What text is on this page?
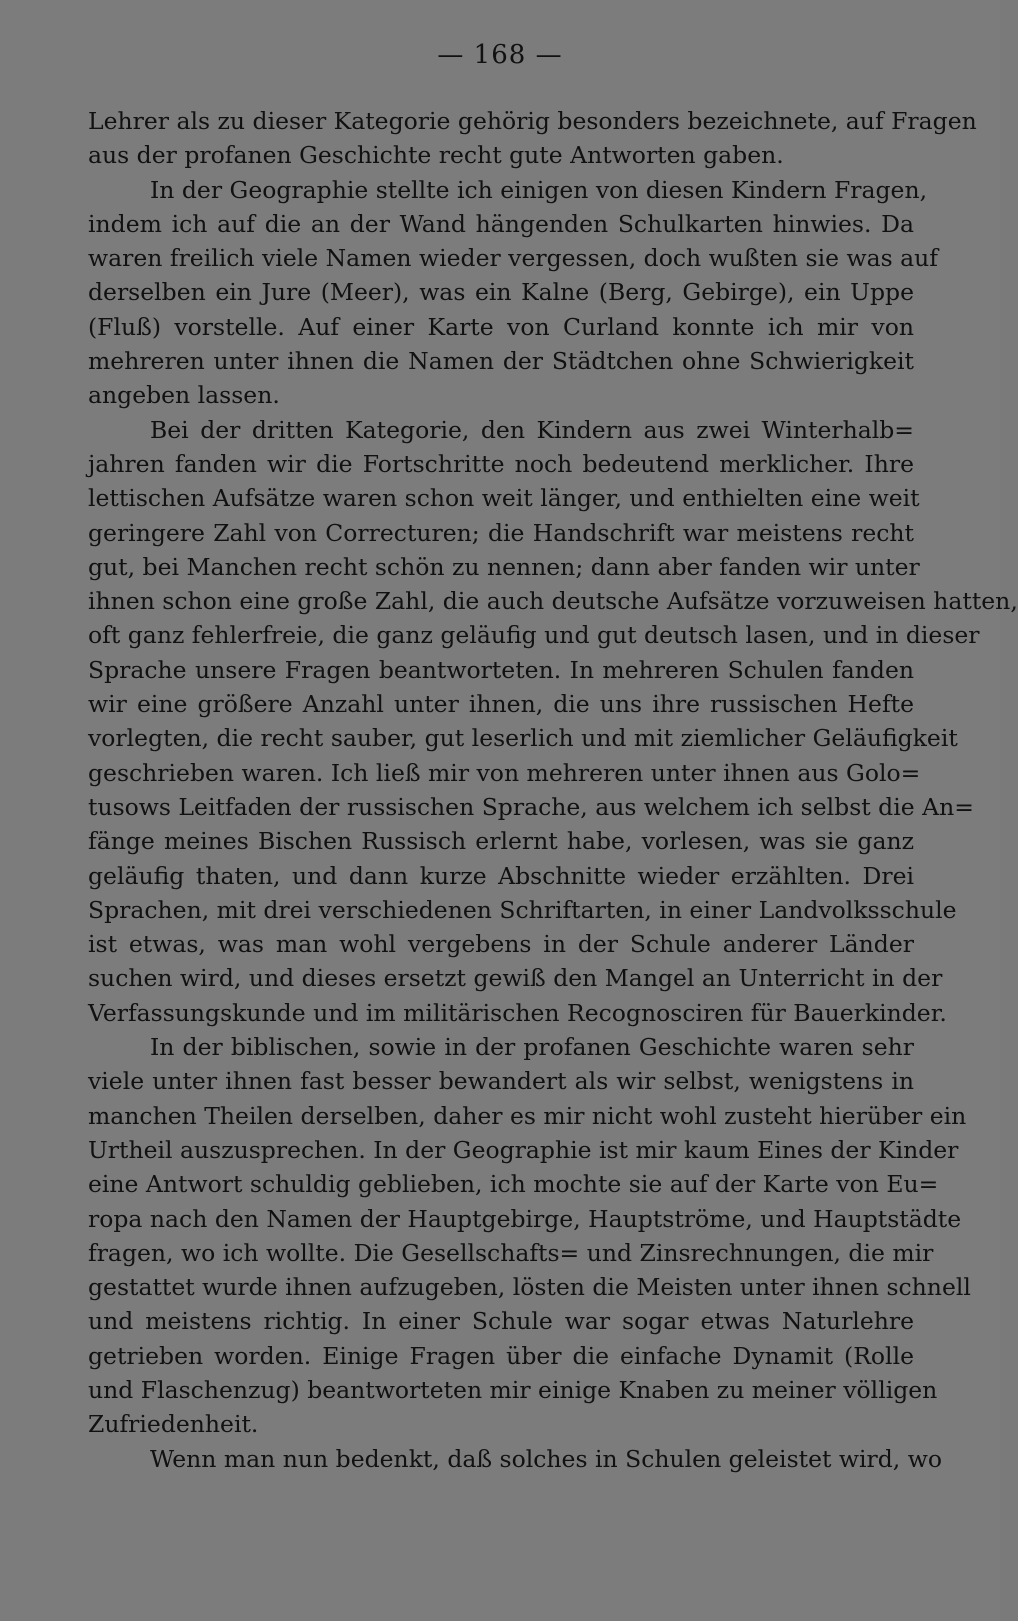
— 168 —
Lehrer als zu dieser Kategorie gehörig besonders bezeichnete, auf Fragen
aus der profanen Geschichte recht gute Antworten gaben.
In der Geographie stellte ich einigen von diesen Kindern Fragen,
indem ich auf die an der Wand hängenden Schulkarten hinwies. Da
waren freilich viele Namen wieder vergessen, doch wußten sie was auf
derselben ein Jure (Meer), was ein Kalne (Berg, Gebirge), ein Uppe
(Fluß) vorstelle. Auf einer Karte von Curland konnte ich mir von
mehreren unter ihnen die Namen der Städtchen ohne Schwierigkeit
angeben lassen.
Bei der dritten Kategorie, den Kindern aus zwei Winterhalb=
jahren fanden wir die Fortschritte noch bedeutend merklicher. Ihre
lettischen Aufsätze waren schon weit länger, und enthielten eine weit
geringere Zahl von Correcturen; die Handschrift war meistens recht
gut, bei Manchen recht schön zu nennen; dann aber fanden wir unter
ihnen schon eine große Zahl, die auch deutsche Aufsätze vorzuweisen hatten,
oft ganz fehlerfreie, die ganz geläufig und gut deutsch lasen, und in dieser
Sprache unsere Fragen beantworteten. In mehreren Schulen fanden
wir eine größere Anzahl unter ihnen, die uns ihre russischen Hefte
vorlegten, die recht sauber, gut leserlich und mit ziemlicher Geläufigkeit
geschrieben waren. Ich ließ mir von mehreren unter ihnen aus Golo=
tusows Leitfaden der russischen Sprache, aus welchem ich selbst die An=
fänge meines Bischen Russisch erlernt habe, vorlesen, was sie ganz
geläufig thaten, und dann kurze Abschnitte wieder erzählten. Drei
Sprachen, mit drei verschiedenen Schriftarten, in einer Landvolksschule
ist etwas, was man wohl vergebens in der Schule anderer Länder
suchen wird, und dieses ersetzt gewiß den Mangel an Unterricht in der
Verfassungskunde und im militärischen Recognosciren für Bauerkinder.
In der biblischen, sowie in der profanen Geschichte waren sehr
viele unter ihnen fast besser bewandert als wir selbst, wenigstens in
manchen Theilen derselben, daher es mir nicht wohl zusteht hierüber ein
Urtheil auszusprechen. In der Geographie ist mir kaum Eines der Kinder
eine Antwort schuldig geblieben, ich mochte sie auf der Karte von Eu=
ropa nach den Namen der Hauptgebirge, Hauptströme, und Hauptstädte
fragen, wo ich wollte. Die Gesellschafts= und Zinsrechnungen, die mir
gestattet wurde ihnen aufzugeben, lösten die Meisten unter ihnen schnell
und meistens richtig. In einer Schule war sogar etwas Naturlehre
getrieben worden. Einige Fragen über die einfache Dynamit (Rolle
und Flaschenzug) beantworteten mir einige Knaben zu meiner völligen
Zufriedenheit.
Wenn man nun bedenkt, daß solches in Schulen geleistet wird, wo
